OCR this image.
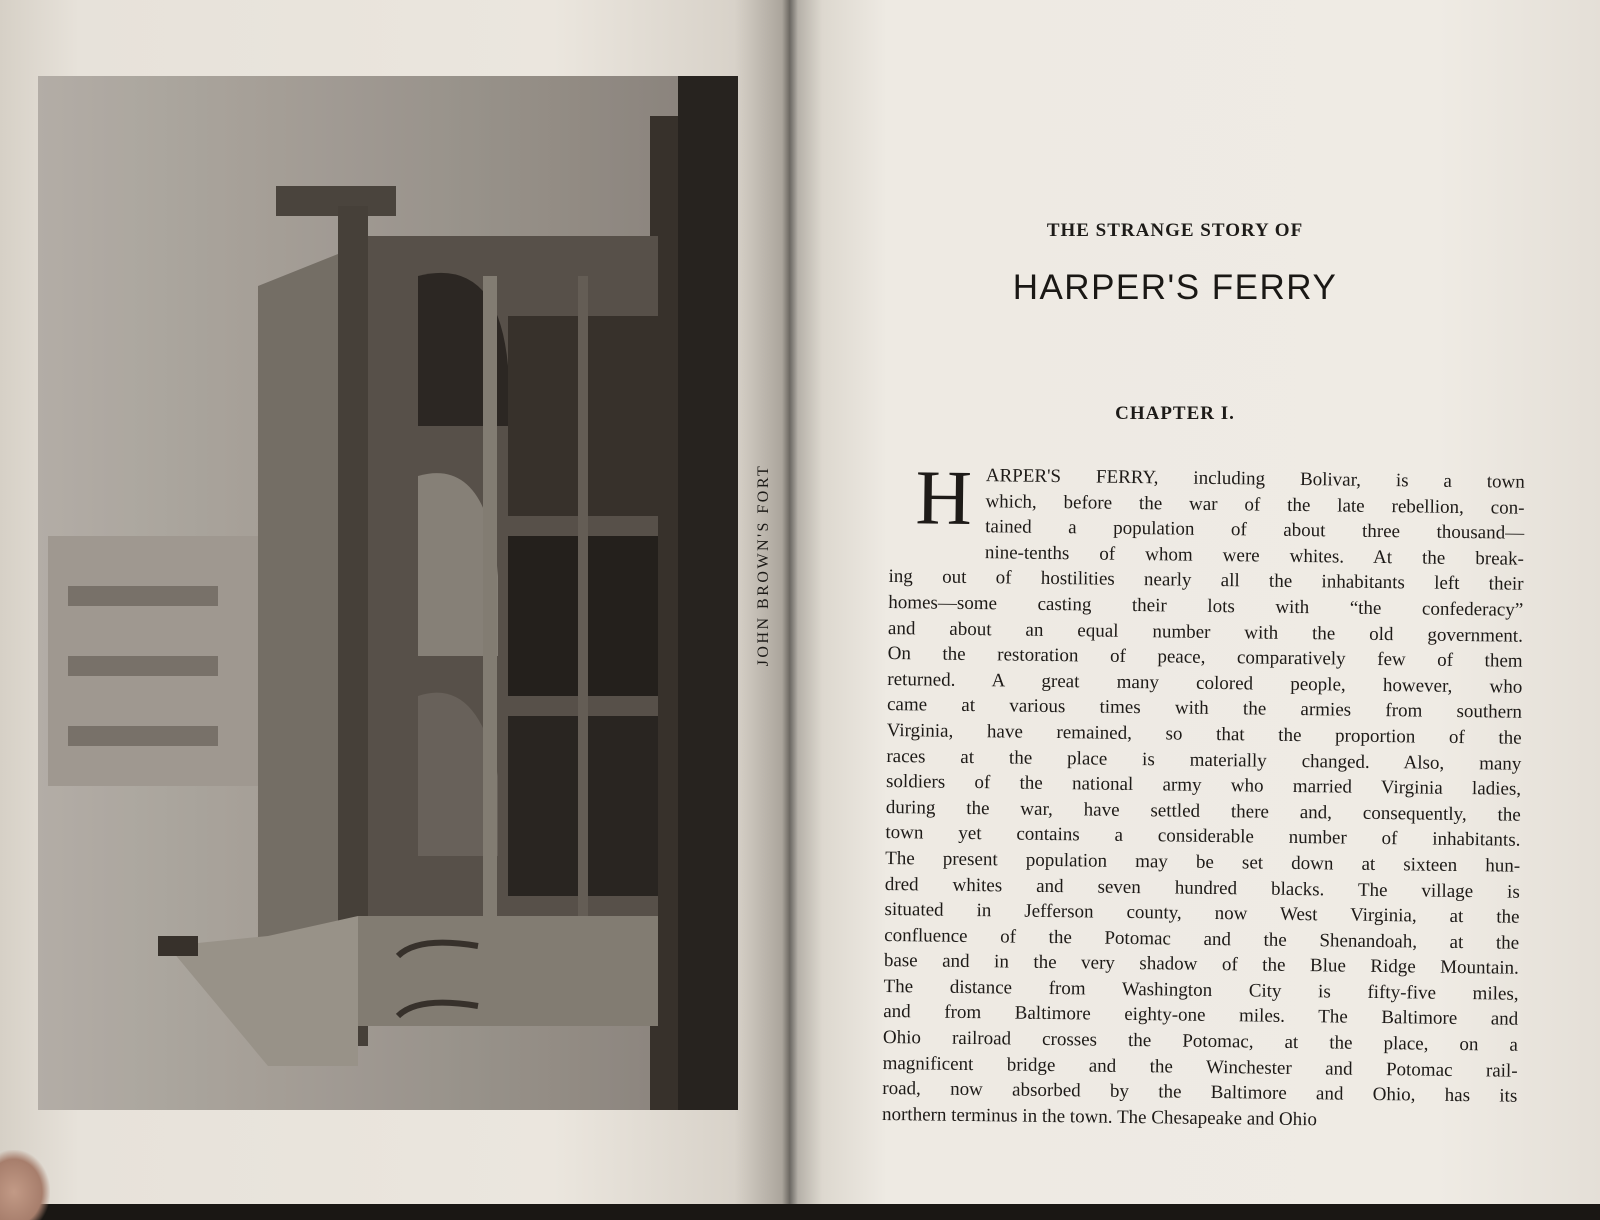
JOHN BROWN'S FORT
THE STRANGE STORY OF
HARPER'S FERRY
CHAPTER I.
H ARPER'S FERRY, including Bolivar, is a town
which, before the war of the late rebellion, con-
tained a population of about three thousand—
nine-tenths of whom were whites. At the break-
ing out of hostilities nearly all the inhabitants left their
homes—some casting their lots with “the confederacy”
and about an equal number with the old government.
On the restoration of peace, comparatively few of them
returned. A great many colored people, however, who
came at various times with the armies from southern
Virginia, have remained, so that the proportion of the
races at the place is materially changed. Also, many
soldiers of the national army who married Virginia ladies,
during the war, have settled there and, consequently, the
town yet contains a considerable number of inhabitants.
The present population may be set down at sixteen hun-
dred whites and seven hundred blacks. The village is
situated in Jefferson county, now West Virginia, at the
confluence of the Potomac and the Shenandoah, at the
base and in the very shadow of the Blue Ridge Mountain.
The distance from Washington City is fifty-five miles,
and from Baltimore eighty-one miles. The Baltimore and
Ohio railroad crosses the Potomac, at the place, on a
magnificent bridge and the Winchester and Potomac rail-
road, now absorbed by the Baltimore and Ohio, has its
northern terminus in the town. The Chesapeake and Ohio
